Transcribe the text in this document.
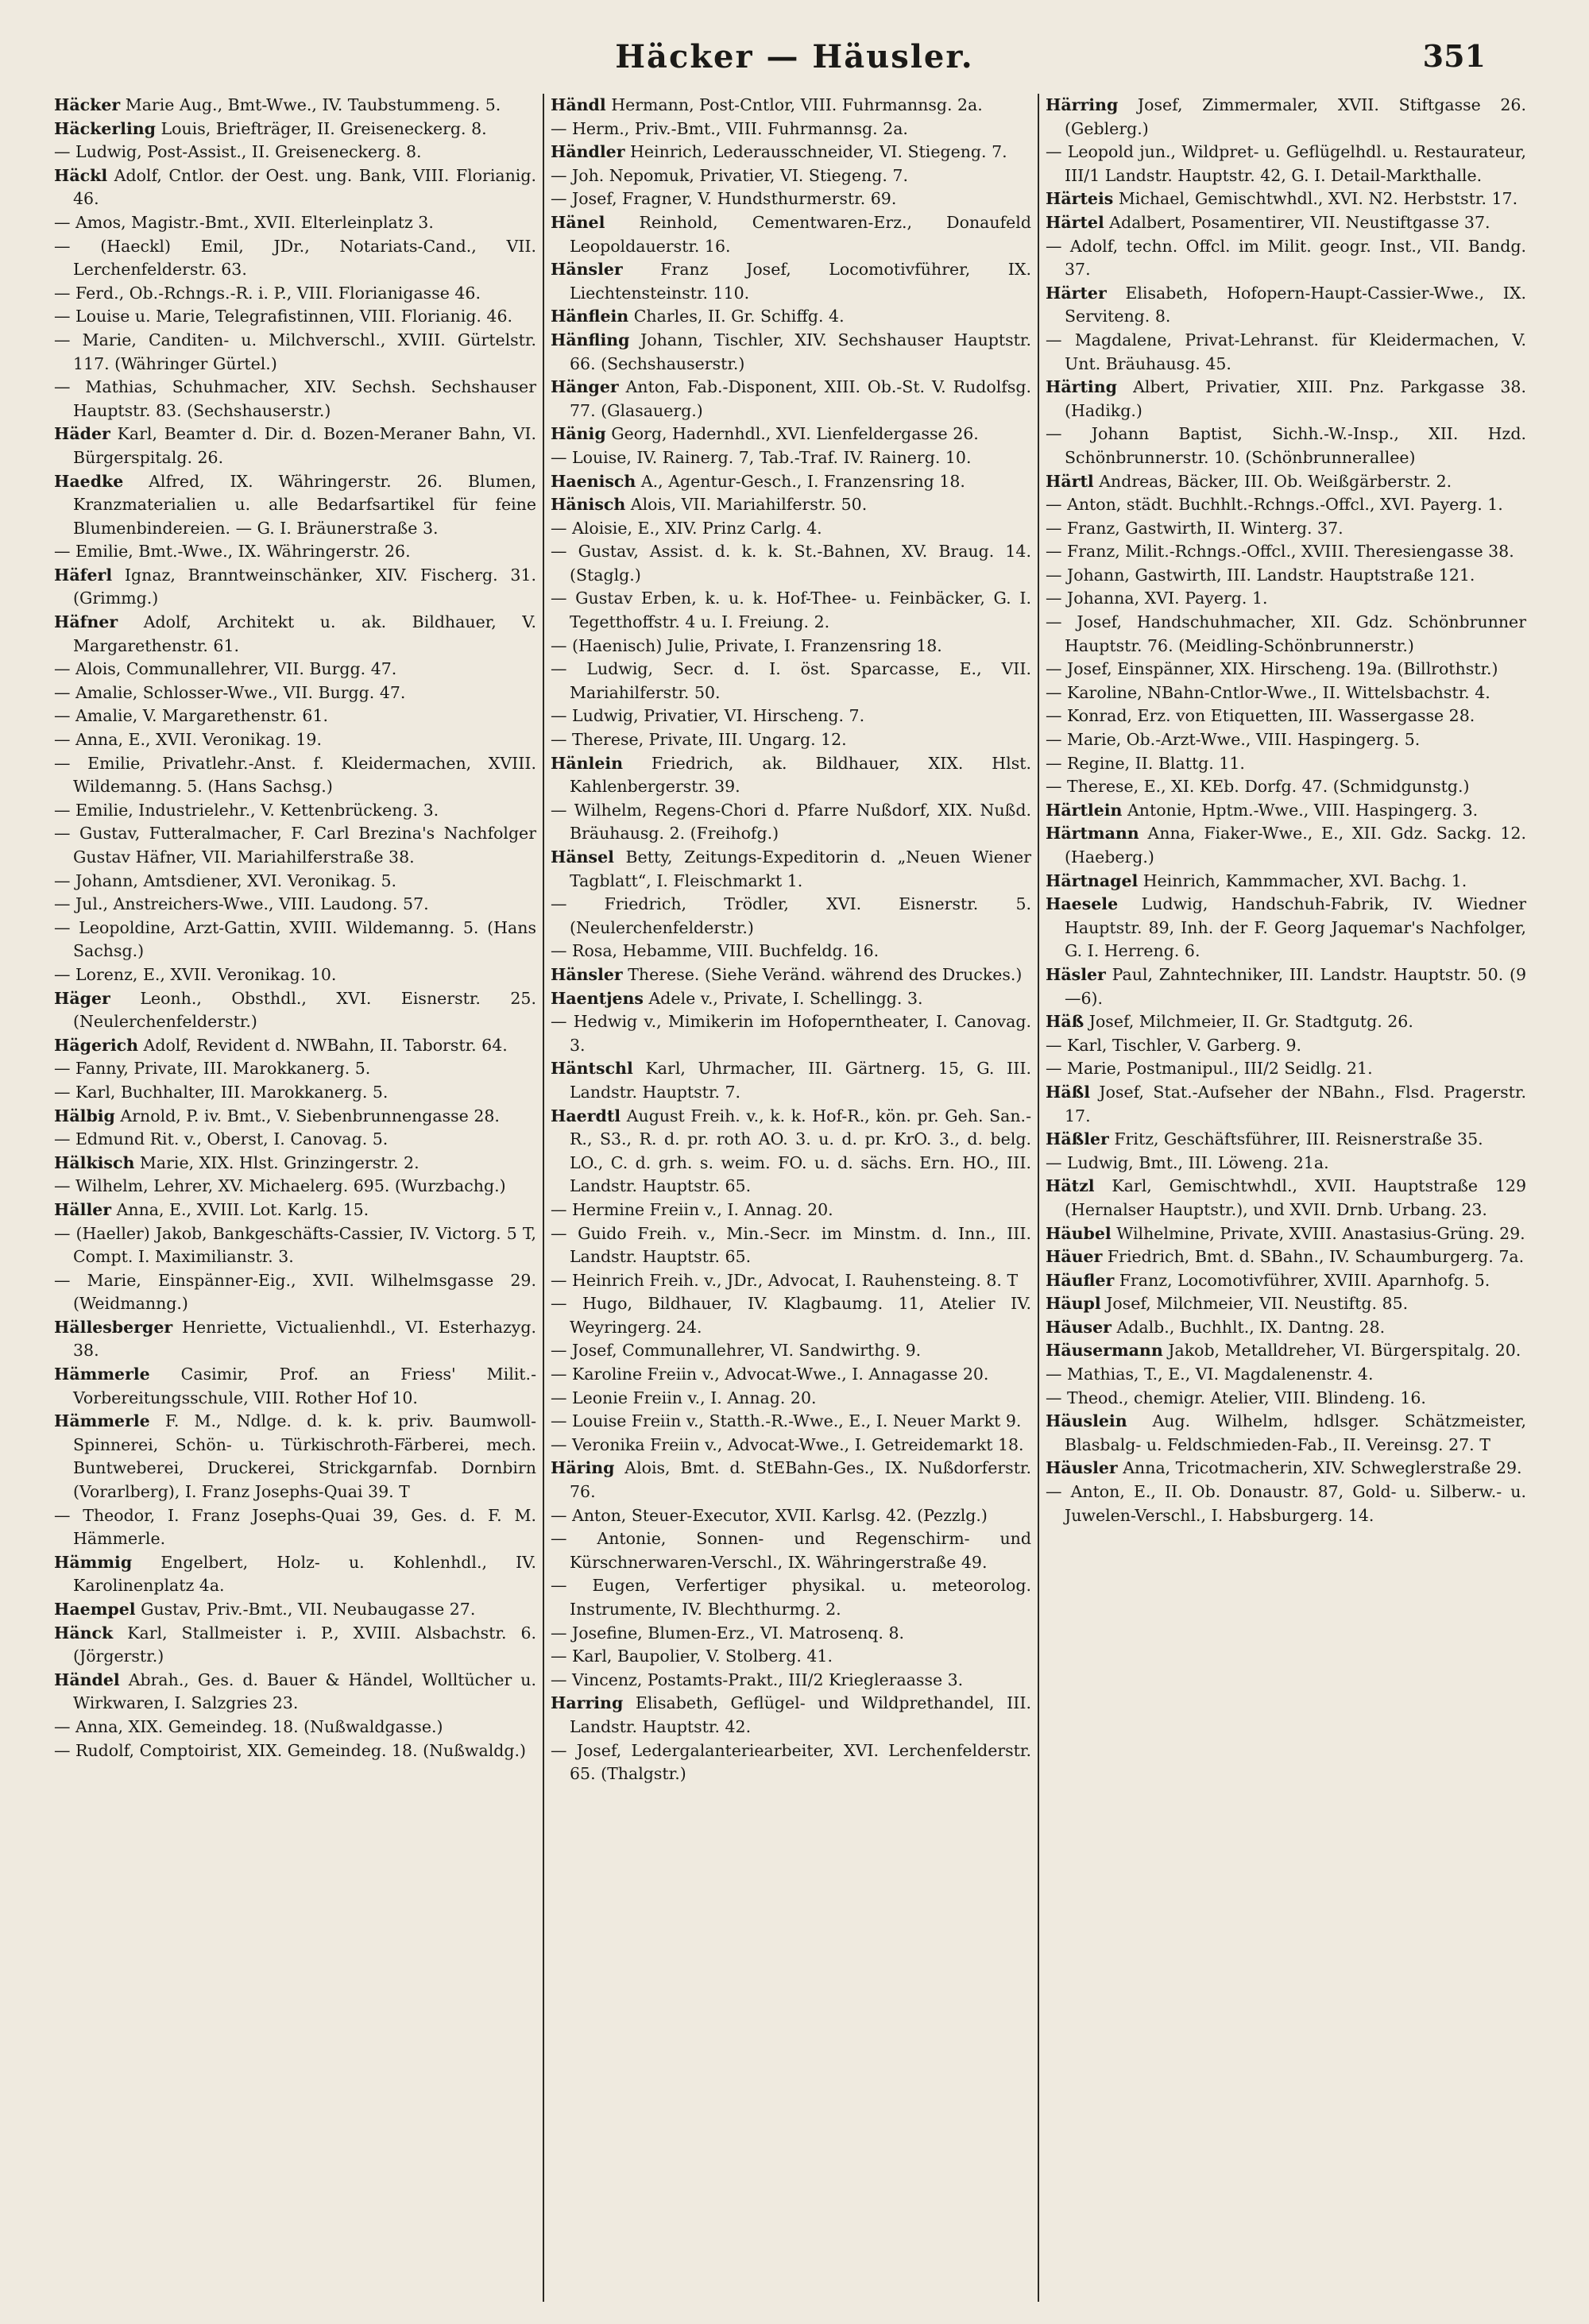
Häcker — Häusler.	351
Häcker Marie Aug., Bmt-Wwe., IV. Taubstummeng. 5.
Häckerling Louis, Briefträger, II. Greiseneckerg. 8.
— Ludwig, Post-Assist., II. Greiseneckerg. 8.
Häckl Adolf, Cntlor. der Oest. ung. Bank, VIII. Florianig. 46.
— Amos, Magistr.-Bmt., XVII. Elterleinplatz 3.
— (Haeckl) Emil, JDr., Notariats-Cand., VII. Lerchenfelderstr. 63.
— Ferd., Ob.-Rchngs.-R. i. P., VIII. Florianigasse 46.
— Louise u. Marie, Telegrafistinnen, VIII. Florianig. 46.
— Marie, Canditen- u. Milchverschl., XVIII. Gürtelstr. 117. (Währinger Gürtel.)
— Mathias, Schuhmacher, XIV. Sechsh. Sechshauser Hauptstr. 83. (Sechshauserstr.)
Häder Karl, Beamter d. Dir. d. Bozen-Meraner Bahn, VI. Bürgerspitalg. 26.
Haedke Alfred, IX. Währingerstr. 26. Blumen, Kranzmaterialien u. alle Bedarfsartikel für feine Blumenbindereien. — G. I. Bräunerstraße 3.
— Emilie, Bmt.-Wwe., IX. Währingerstr. 26.
Häferl Ignaz, Branntweinschänker, XIV. Fischerg. 31. (Grimmg.)
Häfner Adolf, Architekt u. ak. Bildhauer, V. Margarethenstr. 61.
— Alois, Communallehrer, VII. Burgg. 47.
— Amalie, Schlosser-Wwe., VII. Burgg. 47.
— Amalie, V. Margarethenstr. 61.
— Anna, E., XVII. Veronikag. 19.
— Emilie, Privatlehr.-Anst. f. Kleidermachen, XVIII. Wildemanng. 5. (Hans Sachsg.)
— Emilie, Industrielehr., V. Kettenbrückeng. 3.
— Gustav, Futteralmacher, F. Carl Brezina's Nachfolger Gustav Häfner, VII. Mariahilferstraße 38.
— Johann, Amtsdiener, XVI. Veronikag. 5.
— Jul., Anstreichers-Wwe., VIII. Laudong. 57.
— Leopoldine, Arzt-Gattin, XVIII. Wildemanng. 5. (Hans Sachsg.)
— Lorenz, E., XVII. Veronikag. 10.
Häger Leonh., Obsthdl., XVI. Eisnerstr. 25. (Neulerchenfelderstr.)
Hägerich Adolf, Revident d. NWBahn, II. Taborstr. 64.
— Fanny, Private, III. Marokkanerg. 5.
— Karl, Buchhalter, III. Marokkanerg. 5.
Hälbig Arnold, P. iv. Bmt., V. Siebenbrunnengasse 28.
— Edmund Rit. v., Oberst, I. Canovag. 5.
Hälkisch Marie, XIX. Hlst. Grinzingerstr. 2.
— Wilhelm, Lehrer, XV. Michaelerg. 695. (Wurzbachg.)
Häller Anna, E., XVIII. Lot. Karlg. 15.
— (Haeller) Jakob, Bankgeschäfts-Cassier, IV. Victorg. 5 T, Compt. I. Maximilianstr. 3.
— Marie, Einspänner-Eig., XVII. Wilhelmsgasse 29. (Weidmanng.)
Hällesberger Henriette, Victualienhdl., VI. Esterhazyg. 38.
Hämmerle Casimir, Prof. an Friess' Milit.-Vorbereitungsschule, VIII. Rother Hof 10.
Hämmerle F. M., Ndlge. d. k. k. priv. Baumwoll-Spinnerei, Schön- u. Türkischroth-Färberei, mech. Buntweberei, Druckerei, Strickgarnfab. Dornbirn (Vorarlberg), I. Franz Josephs-Quai 39. T
— Theodor, I. Franz Josephs-Quai 39, Ges. d. F. M. Hämmerle.
Hämmig Engelbert, Holz- u. Kohlenhdl., IV. Karolinenplatz 4a.
Haempel Gustav, Priv.-Bmt., VII. Neubaugasse 27.
Hänck Karl, Stallmeister i. P., XVIII. Alsbachstr. 6. (Jörgerstr.)
Händel Abrah., Ges. d. Bauer & Händel, Wolltücher u. Wirkwaren, I. Salzgries 23.
— Anna, XIX. Gemeindeg. 18. (Nußwaldgasse.)
— Rudolf, Comptoirist, XIX. Gemeindeg. 18. (Nußwaldg.)
Händl Hermann, Post-Cntlor, VIII. Fuhrmannsg. 2a.
— Herm., Priv.-Bmt., VIII. Fuhrmannsg. 2a.
Händler Heinrich, Lederausschneider, VI. Stiegeng. 7.
— Joh. Nepomuk, Privatier, VI. Stiegeng. 7.
— Josef, Fragner, V. Hundsthurmerstr. 69.
Hänel Reinhold, Cementwaren-Erz., Donaufeld Leopoldauerstr. 16.
Hänsler Franz Josef, Locomotivführer, IX. Liechtensteinstr. 110.
Hänflein Charles, II. Gr. Schiffg. 4.
Hänfling Johann, Tischler, XIV. Sechshauser Hauptstr. 66. (Sechshauserstr.)
Hänger Anton, Fab.-Disponent, XIII. Ob.-St. V. Rudolfsg. 77. (Glasauerg.)
Hänig Georg, Hadernhdl., XVI. Lienfeldergasse 26.
— Louise, IV. Rainerg. 7, Tab.-Traf. IV. Rainerg. 10.
Haenisch A., Agentur-Gesch., I. Franzensring 18.
Hänisch Alois, VII. Mariahilferstr. 50.
— Aloisie, E., XIV. Prinz Carlg. 4.
— Gustav, Assist. d. k. k. St.-Bahnen, XV. Braug. 14. (Staglg.)
— Gustav Erben, k. u. k. Hof-Thee- u. Feinbäcker, G. I. Tegetthoffstr. 4 u. I. Freiung. 2.
— (Haenisch) Julie, Private, I. Franzensring 18.
— Ludwig, Secr. d. I. öst. Sparcasse, E., VII. Mariahilferstr. 50.
— Ludwig, Privatier, VI. Hirscheng. 7.
— Therese, Private, III. Ungarg. 12.
Hänlein Friedrich, ak. Bildhauer, XIX. Hlst. Kahlenbergerstr. 39.
— Wilhelm, Regens-Chori d. Pfarre Nußdorf, XIX. Nußd. Bräuhausg. 2. (Freihofg.)
Hänsel Betty, Zeitungs-Expeditorin d. „Neuen Wiener Tagblatt“, I. Fleischmarkt 1.
— Friedrich, Trödler, XVI. Eisnerstr. 5. (Neulerchenfelderstr.)
— Rosa, Hebamme, VIII. Buchfeldg. 16.
Hänsler Therese. (Siehe Veränd. während des Druckes.)
Haentjens Adele v., Private, I. Schellingg. 3.
— Hedwig v., Mimikerin im Hofoperntheater, I. Canovag. 3.
Häntschl Karl, Uhrmacher, III. Gärtnerg. 15, G. III. Landstr. Hauptstr. 7.
Haerdtl August Freih. v., k. k. Hof-R., kön. pr. Geh. San.-R., S3., R. d. pr. roth AO. 3. u. d. pr. KrO. 3., d. belg. LO., C. d. grh. s. weim. FO. u. d. sächs. Ern. HO., III. Landstr. Hauptstr. 65.
— Hermine Freiin v., I. Annag. 20.
— Guido Freih. v., Min.-Secr. im Minstm. d. Inn., III. Landstr. Hauptstr. 65.
— Heinrich Freih. v., JDr., Advocat, I. Rauhensteing. 8. T
— Hugo, Bildhauer, IV. Klagbaumg. 11, Atelier IV. Weyringerg. 24.
— Josef, Communallehrer, VI. Sandwirthg. 9.
— Karoline Freiin v., Advocat-Wwe., I. Annagasse 20.
— Leonie Freiin v., I. Annag. 20.
— Louise Freiin v., Statth.-R.-Wwe., E., I. Neuer Markt 9.
— Veronika Freiin v., Advocat-Wwe., I. Getreidemarkt 18.
Häring Alois, Bmt. d. StEBahn-Ges., IX. Nußdorferstr. 76.
— Anton, Steuer-Executor, XVII. Karlsg. 42. (Pezzlg.)
— Antonie, Sonnen- und Regenschirm- und Kürschnerwaren-Verschl., IX. Währingerstraße 49.
— Eugen, Verfertiger physikal. u. meteorolog. Instrumente, IV. Blechthurmg. 2.
— Josefine, Blumen-Erz., VI. Matrosenq. 8.
— Karl, Baupolier, V. Stolberg. 41.
— Vincenz, Postamts-Prakt., III/2 Kriegleraasse 3.
Harring Elisabeth, Geflügel- und Wildprethandel, III. Landstr. Hauptstr. 42.
— Josef, Ledergalanteriearbeiter, XVI. Lerchenfelderstr. 65. (Thalgstr.)
Härring Josef, Zimmermaler, XVII. Stiftgasse 26. (Geblerg.)
— Leopold jun., Wildpret- u. Geflügelhdl. u. Restaurateur, III/1 Landstr. Hauptstr. 42, G. I. Detail-Markthalle.
Härteis Michael, Gemischtwhdl., XVI. N2. Herbststr. 17.
Härtel Adalbert, Posamentirer, VII. Neustiftgasse 37.
— Adolf, techn. Offcl. im Milit. geogr. Inst., VII. Bandg. 37.
Härter Elisabeth, Hofopern-Haupt-Cassier-Wwe., IX. Serviteng. 8.
— Magdalene, Privat-Lehranst. für Kleidermachen, V. Unt. Bräuhausg. 45.
Härting Albert, Privatier, XIII. Pnz. Parkgasse 38. (Hadikg.)
— Johann Baptist, Sichh.-W.-Insp., XII. Hzd. Schönbrunnerstr. 10. (Schönbrunnerallee)
Härtl Andreas, Bäcker, III. Ob. Weißgärberstr. 2.
— Anton, städt. Buchhlt.-Rchngs.-Offcl., XVI. Payerg. 1.
— Franz, Gastwirth, II. Winterg. 37.
— Franz, Milit.-Rchngs.-Offcl., XVIII. Theresiengasse 38.
— Johann, Gastwirth, III. Landstr. Hauptstraße 121.
— Johanna, XVI. Payerg. 1.
— Josef, Handschuhmacher, XII. Gdz. Schönbrunner Hauptstr. 76. (Meidling-Schönbrunnerstr.)
— Josef, Einspänner, XIX. Hirscheng. 19a. (Billrothstr.)
— Karoline, NBahn-Cntlor-Wwe., II. Wittelsbachstr. 4.
— Konrad, Erz. von Etiquetten, III. Wassergasse 28.
— Marie, Ob.-Arzt-Wwe., VIII. Haspingerg. 5.
— Regine, II. Blattg. 11.
— Therese, E., XI. KEb. Dorfg. 47. (Schmidgunstg.)
Härtlein Antonie, Hptm.-Wwe., VIII. Haspingerg. 3.
Härtmann Anna, Fiaker-Wwe., E., XII. Gdz. Sackg. 12. (Haeberg.)
Härtnagel Heinrich, Kammmacher, XVI. Bachg. 1.
Haesele Ludwig, Handschuh-Fabrik, IV. Wiedner Hauptstr. 89, Inh. der F. Georg Jaquemar's Nachfolger, G. I. Herreng. 6.
Häsler Paul, Zahntechniker, III. Landstr. Hauptstr. 50. (9—6).
Häß Josef, Milchmeier, II. Gr. Stadtgutg. 26.
— Karl, Tischler, V. Garberg. 9.
— Marie, Postmanipul., III/2 Seidlg. 21.
Häßl Josef, Stat.-Aufseher der NBahn., Flsd. Pragerstr. 17.
Häßler Fritz, Geschäftsführer, III. Reisnerstraße 35.
— Ludwig, Bmt., III. Löweng. 21a.
Hätzl Karl, Gemischtwhdl., XVII. Hauptstraße 129 (Hernalser Hauptstr.), und XVII. Drnb. Urbang. 23.
Häubel Wilhelmine, Private, XVIII. Anastasius-Grüng. 29.
Häuer Friedrich, Bmt. d. SBahn., IV. Schaumburgerg. 7a.
Häufler Franz, Locomotivführer, XVIII. Aparnhofg. 5.
Häupl Josef, Milchmeier, VII. Neustiftg. 85.
Häuser Adalb., Buchhlt., IX. Dantng. 28.
Häusermann Jakob, Metalldreher, VI. Bürgerspitalg. 20.
— Mathias, T., E., VI. Magdalenenstr. 4.
— Theod., chemigr. Atelier, VIII. Blindeng. 16.
Häuslein Aug. Wilhelm, hdlsger. Schätzmeister, Blasbalg- u. Feldschmieden-Fab., II. Vereinsg. 27. T
Häusler Anna, Tricotmacherin, XIV. Schweglerstraße 29.
— Anton, E., II. Ob. Donaustr. 87, Gold- u. Silberw.- u. Juwelen-Verschl., I. Habsburgerg. 14.
